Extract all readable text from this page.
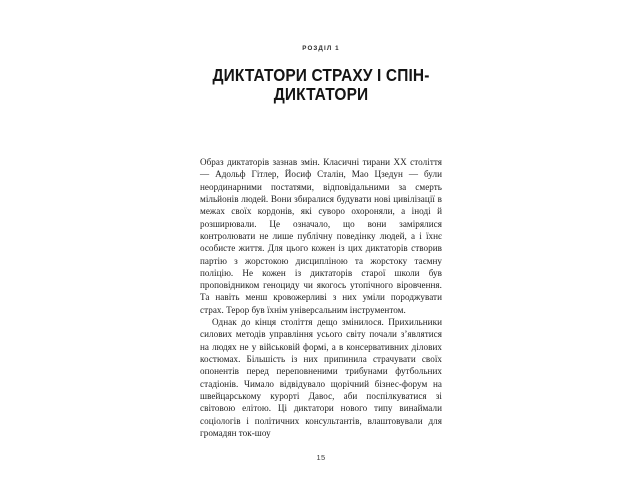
РОЗДІЛ 1
ДИКТАТОРИ СТРАХУ І СПІН-ДИКТАТОРИ

Образ диктаторів зазнав змін. Класичні тирани XX століття — Адольф Гітлер, Йосиф Сталін, Мао Цзедун — були неординарними постатями, відповідальними за смерть мільйонів людей. Вони збиралися будувати нові цивілізації в межах своїх кордонів, які суворо охороняли, а іноді й розширювали. Це означало, що вони замірялися контролювати не лише публічну поведінку людей, а і їхнє особисте життя. Для цього кожен із цих диктаторів створив партію з жорстокою дисципліною та жорстоку таємну поліцію. Не кожен із диктаторів старої школи був проповідником геноциду чи якогось утопічного віровчення. Та навіть менш кровожерливі з них уміли породжувати страх. Терор був їхнім універсальним інструментом.

Однак до кінця століття дещо змінилося. Прихильники силових методів управління усього світу почали з’являтися на людях не у військовій формі, а в консервативних ділових костюмах. Більшість із них припинила страчувати своїх опонентів перед переповненими трибунами футбольних стадіонів. Чимало відвідувало щорічний бізнес-форум на швейцарському курорті Давос, аби поспілкуватися зі світовою елітою. Ці диктатори нового типу винаймали соціологів і політичних консультантів, влаштовували для громадян ток-шоу

15
